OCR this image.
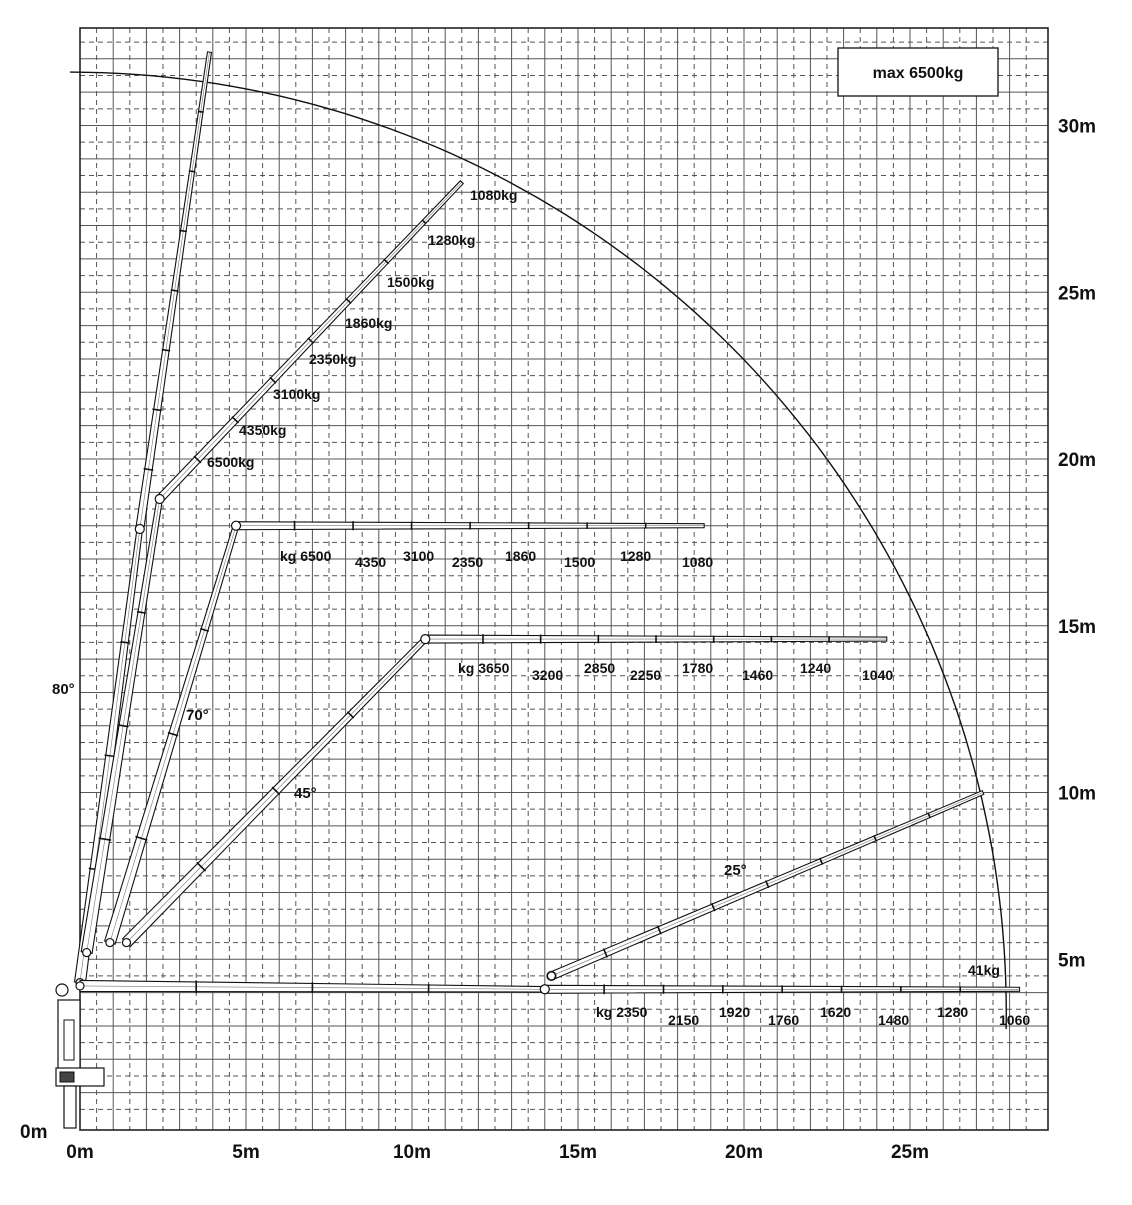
max 6500kg
0m	5m	10m	15m	20m	25m
0m
5m
10m
15m
20m
25m
30m
80°
70°
45°
25°
1080kg
1280kg
1500kg
1860kg
2350kg
3100kg
4350kg
6500kg
kg 6500 4350 3100 2350 1860 1500 1280 1080
kg 3650 3200 2850 2250 1780 1460 1240 1040
kg 2350 2150 1920 1760 1620 1480 1280 1060
41kg
